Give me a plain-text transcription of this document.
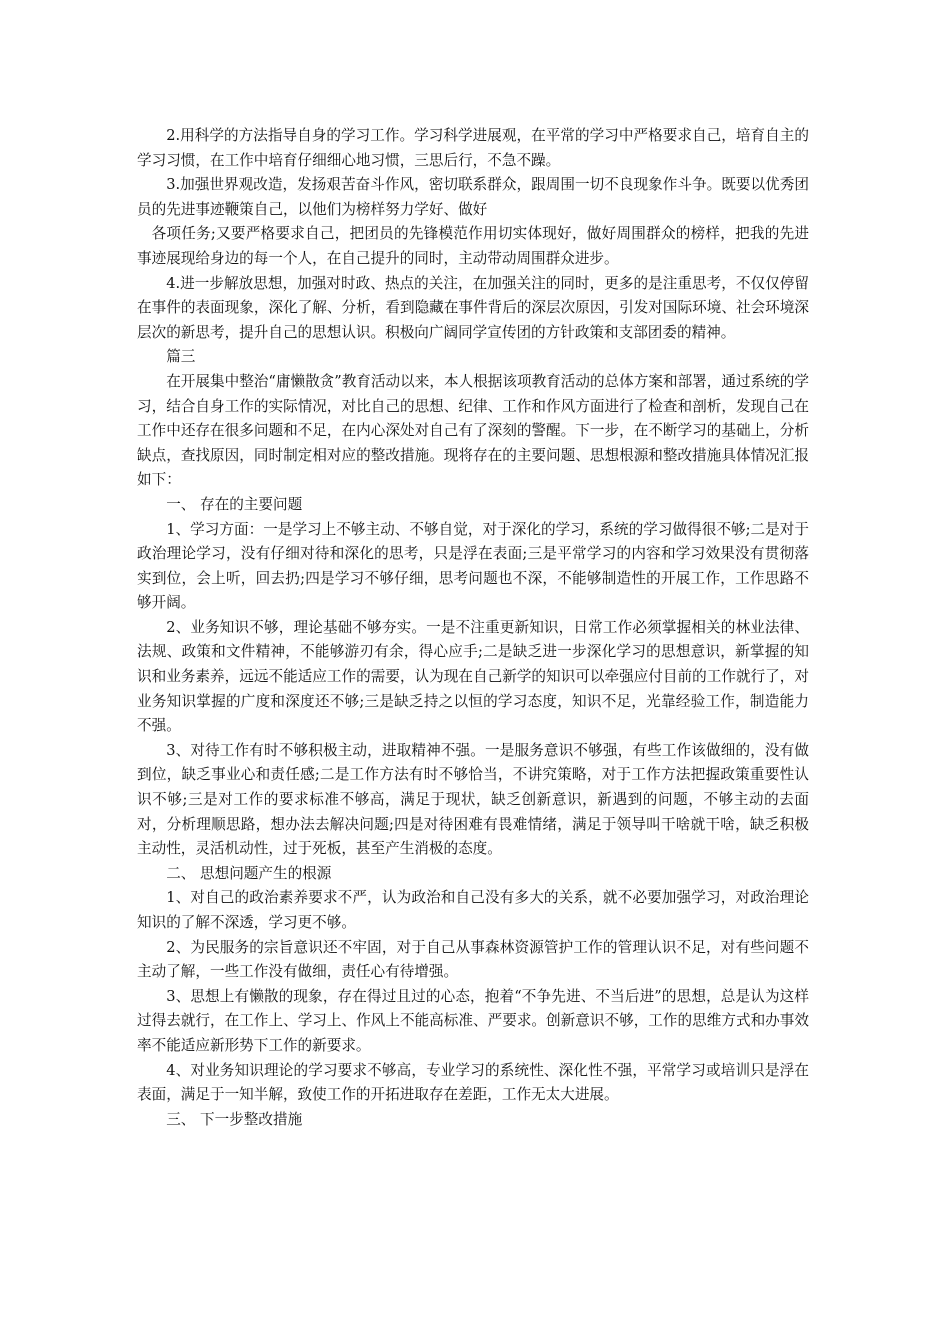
2.用科学的方法指导自身的学习工作。学习科学进展观，在平常的学习中严格要求自己，培育自主的学习习惯，在工作中培育仔细细心地习惯，三思后行，不急不躁。

3.加强世界观改造，发扬艰苦奋斗作风，密切联系群众，跟周围一切不良现象作斗争。既要以优秀团员的先进事迹鞭策自己，以他们为榜样努力学好、做好

各项任务;又要严格要求自己，把团员的先锋模范作用切实体现好，做好周围群众的榜样，把我的先进事迹展现给身边的每一个人，在自己提升的同时，主动带动周围群众进步。

4.进一步解放思想，加强对时政、热点的关注，在加强关注的同时，更多的是注重思考，不仅仅停留在事件的表面现象，深化了解、分析，看到隐藏在事件背后的深层次原因，引发对国际环境、社会环境深层次的新思考，提升自己的思想认识。积极向广阔同学宣传团的方针政策和支部团委的精神。

篇三

在开展集中整治“庸懒散贪”教育活动以来，本人根据该项教育活动的总体方案和部署，通过系统的学习，结合自身工作的实际情况，对比自己的思想、纪律、工作和作风方面进行了检查和剖析，发现自己在工作中还存在很多问题和不足，在内心深处对自己有了深刻的警醒。下一步，在不断学习的基础上，分析缺点，查找原因，同时制定相对应的整改措施。现将存在的主要问题、思想根源和整改措施具体情况汇报如下：

一、 存在的主要问题

1、学习方面：一是学习上不够主动、不够自觉，对于深化的学习，系统的学习做得很不够;二是对于政治理论学习，没有仔细对待和深化的思考，只是浮在表面;三是平常学习的内容和学习效果没有贯彻落实到位，会上听，回去扔;四是学习不够仔细，思考问题也不深，不能够制造性的开展工作，工作思路不够开阔。

2、业务知识不够，理论基础不够夯实。一是不注重更新知识，日常工作必须掌握相关的林业法律、法规、政策和文件精神，不能够游刃有余，得心应手;二是缺乏进一步深化学习的思想意识，新掌握的知识和业务素养，远远不能适应工作的需要，认为现在自己新学的知识可以牵强应付目前的工作就行了，对业务知识掌握的广度和深度还不够;三是缺乏持之以恒的学习态度，知识不足，光靠经验工作，制造能力不强。

3、对待工作有时不够积极主动，进取精神不强。一是服务意识不够强，有些工作该做细的，没有做到位，缺乏事业心和责任感;二是工作方法有时不够恰当，不讲究策略，对于工作方法把握政策重要性认识不够;三是对工作的要求标准不够高，满足于现状，缺乏创新意识，新遇到的问题，不够主动的去面对，分析理顺思路，想办法去解决问题;四是对待困难有畏难情绪，满足于领导叫干啥就干啥，缺乏积极主动性，灵活机动性，过于死板，甚至产生消极的态度。

二、 思想问题产生的根源

1、对自己的政治素养要求不严，认为政治和自己没有多大的关系，就不必要加强学习，对政治理论知识的了解不深透，学习更不够。

2、为民服务的宗旨意识还不牢固，对于自己从事森林资源管护工作的管理认识不足，对有些问题不主动了解，一些工作没有做细，责任心有待增强。

3、思想上有懒散的现象，存在得过且过的心态，抱着“不争先进、不当后进”的思想，总是认为这样过得去就行，在工作上、学习上、作风上不能高标准、严要求。创新意识不够，工作的思维方式和办事效率不能适应新形势下工作的新要求。

4、对业务知识理论的学习要求不够高，专业学习的系统性、深化性不强，平常学习或培训只是浮在表面，满足于一知半解，致使工作的开拓进取存在差距，工作无太大进展。

三、 下一步整改措施
